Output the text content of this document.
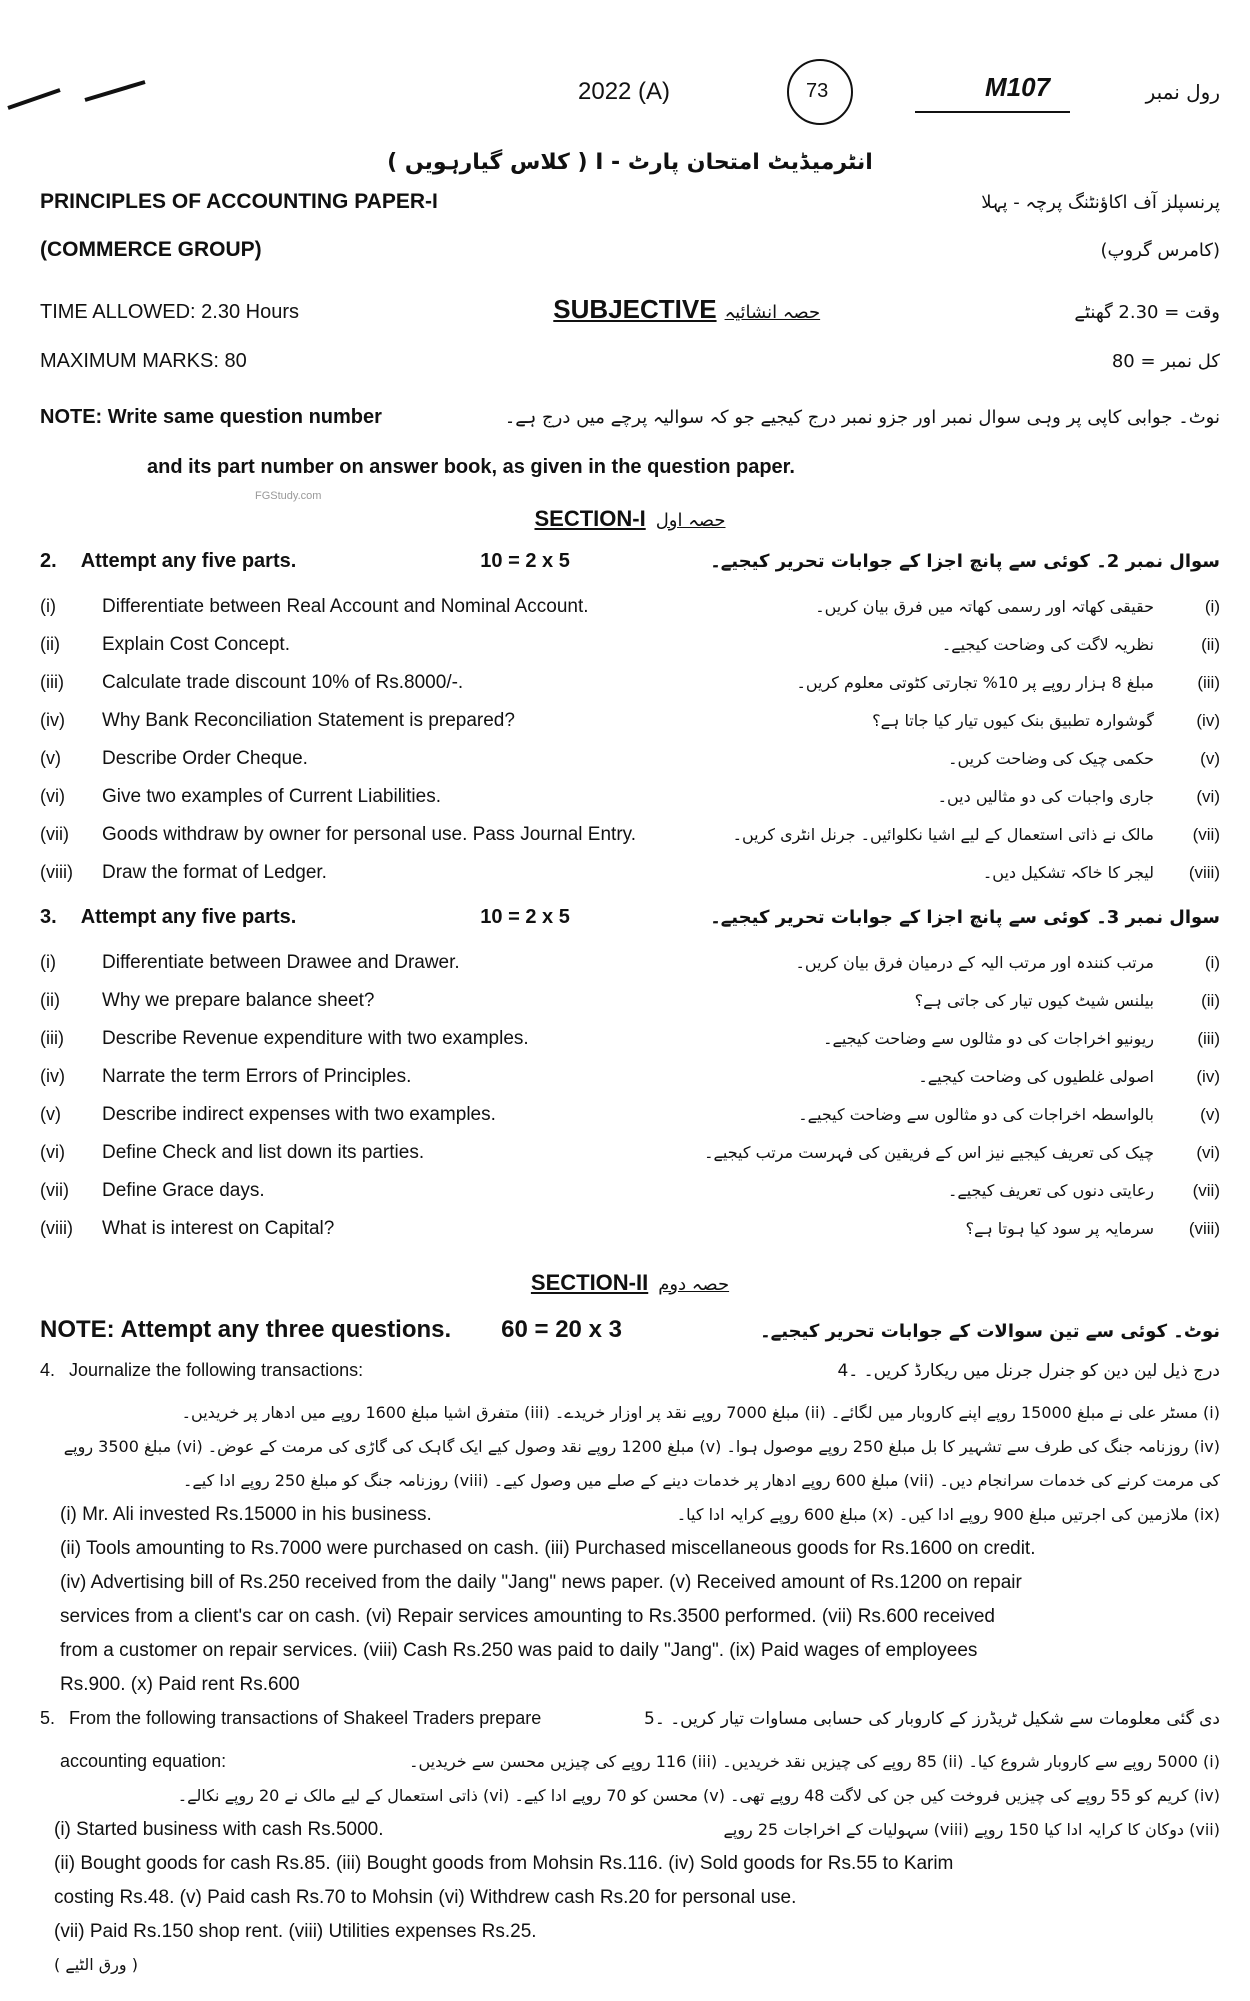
2022 (A)	73	M107	رول نمبر
انٹرمیڈیٹ امتحان پارٹ - I ( کلاس گیارہویں )
PRINCIPLES OF ACCOUNTING PAPER-I	پرنسپلز آف اکاؤنٹنگ پرچہ - پہلا
(COMMERCE GROUP)	(کامرس گروپ)
TIME ALLOWED: 2.30 Hours	SUBJECTIVE حصہ انشائیہ	وقت = 2.30 گھنٹے
MAXIMUM MARKS: 80	کل نمبر = 80
NOTE: Write same question number	نوٹ۔ جوابی کاپی پر وہی سوال نمبر اور جزو نمبر درج کیجیے جو کہ سوالیہ پرچے میں درج ہے۔
and its part number on answer book, as given in the question paper.
FGStudy.com
SECTION-I حصہ اول
2. Attempt any five parts.	10 = 2 x 5	سوال نمبر 2۔ کوئی سے پانچ اجزا کے جوابات تحریر کیجیے۔
(i)	Differentiate between Real Account and Nominal Account.	حقیقی کھاتہ اور رسمی کھاتہ میں فرق بیان کریں۔	(i)
(ii)	Explain Cost Concept.	نظریہ لاگت کی وضاحت کیجیے۔	(ii)
(iii)	Calculate trade discount 10% of Rs.8000/-.	مبلغ 8 ہزار روپے پر 10% تجارتی کٹوتی معلوم کریں۔	(iii)
(iv)	Why Bank Reconciliation Statement is prepared?	گوشوارہ تطبیق بنک کیوں تیار کیا جاتا ہے؟	(iv)
(v)	Describe Order Cheque.	حکمی چیک کی وضاحت کریں۔	(v)
(vi)	Give two examples of Current Liabilities.	جاری واجبات کی دو مثالیں دیں۔	(vi)
(vii)	Goods withdraw by owner for personal use. Pass Journal Entry.	مالک نے ذاتی استعمال کے لیے اشیا نکلوائیں۔ جرنل انٹری کریں۔	(vii)
(viii)	Draw the format of Ledger.	لیجر کا خاکہ تشکیل دیں۔	(viii)
3. Attempt any five parts.	10 = 2 x 5	سوال نمبر 3۔ کوئی سے پانچ اجزا کے جوابات تحریر کیجیے۔
(i)	Differentiate between Drawee and Drawer.	مرتب کنندہ اور مرتب الیہ کے درمیان فرق بیان کریں۔	(i)
(ii)	Why we prepare balance sheet?	بیلنس شیٹ کیوں تیار کی جاتی ہے؟	(ii)
(iii)	Describe Revenue expenditure with two examples.	ریونیو اخراجات کی دو مثالوں سے وضاحت کیجیے۔	(iii)
(iv)	Narrate the term Errors of Principles.	اصولی غلطیوں کی وضاحت کیجیے۔	(iv)
(v)	Describe indirect expenses with two examples.	بالواسطہ اخراجات کی دو مثالوں سے وضاحت کیجیے۔	(v)
(vi)	Define Check and list down its parties.	چیک کی تعریف کیجیے نیز اس کے فریقین کی فہرست مرتب کیجیے۔	(vi)
(vii)	Define Grace days.	رعایتی دنوں کی تعریف کیجیے۔	(vii)
(viii)	What is interest on Capital?	سرمایہ پر سود کیا ہوتا ہے؟	(viii)
SECTION-II حصہ دوم
NOTE: Attempt any three questions. 60 = 20 x 3	نوٹ۔ کوئی سے تین سوالات کے جوابات تحریر کیجیے۔
4. Journalize the following transactions:	درج ذیل لین دین کو جنرل جرنل میں ریکارڈ کریں۔ ۔4
(i) مسٹر علی نے مبلغ 15000 روپے اپنے کاروبار میں لگائے۔ (ii) مبلغ 7000 روپے نقد پر اوزار خریدے۔ (iii) متفرق اشیا مبلغ 1600 روپے میں ادھار پر خریدیں۔
(iv) روزنامہ جنگ کی طرف سے تشہیر کا بل مبلغ 250 روپے موصول ہوا۔ (v) مبلغ 1200 روپے نقد وصول کیے ایک گاہک کی گاڑی کی مرمت کے عوض۔ (vi) مبلغ 3500 روپے
کی مرمت کرنے کی خدمات سرانجام دیں۔ (vii) مبلغ 600 روپے ادھار پر خدمات دینے کے صلے میں وصول کیے۔ (viii) روزنامہ جنگ کو مبلغ 250 روپے ادا کیے۔
(i) Mr. Ali invested Rs.15000 in his business.	(ix) ملازمین کی اجرتیں مبلغ 900 روپے ادا کیں۔ (x) مبلغ 600 روپے کرایہ ادا کیا۔
(ii) Tools amounting to Rs.7000 were purchased on cash. (iii) Purchased miscellaneous goods for Rs.1600 on credit.
(iv) Advertising bill of Rs.250 received from the daily "Jang" news paper. (v) Received amount of Rs.1200 on repair
services from a client's car on cash. (vi) Repair services amounting to Rs.3500 performed. (vii) Rs.600 received
from a customer on repair services. (viii) Cash Rs.250 was paid to daily "Jang". (ix) Paid wages of employees
Rs.900. (x) Paid rent Rs.600
5. From the following transactions of Shakeel Traders prepare	دی گئی معلومات سے شکیل ٹریڈرز کے کاروبار کی حسابی مساوات تیار کریں۔ ۔5
accounting equation:	(i) 5000 روپے سے کاروبار شروع کیا۔ (ii) 85 روپے کی چیزیں نقد خریدیں۔ (iii) 116 روپے کی چیزیں محسن سے خریدیں۔
(iv) کریم کو 55 روپے کی چیزیں فروخت کیں جن کی لاگت 48 روپے تھی۔ (v) محسن کو 70 روپے ادا کیے۔ (vi) ذاتی استعمال کے لیے مالک نے 20 روپے نکالے۔
(i) Started business with cash Rs.5000.	(vii) دوکان کا کرایہ ادا کیا 150 روپے (viii) سہولیات کے اخراجات 25 روپے
(ii) Bought goods for cash Rs.85. (iii) Bought goods from Mohsin Rs.116. (iv) Sold goods for Rs.55 to Karim
costing Rs.48. (v) Paid cash Rs.70 to Mohsin (vi) Withdrew cash Rs.20 for personal use.
(vii) Paid Rs.150 shop rent. (viii) Utilities expenses Rs.25.
( ورق الٹیے )
